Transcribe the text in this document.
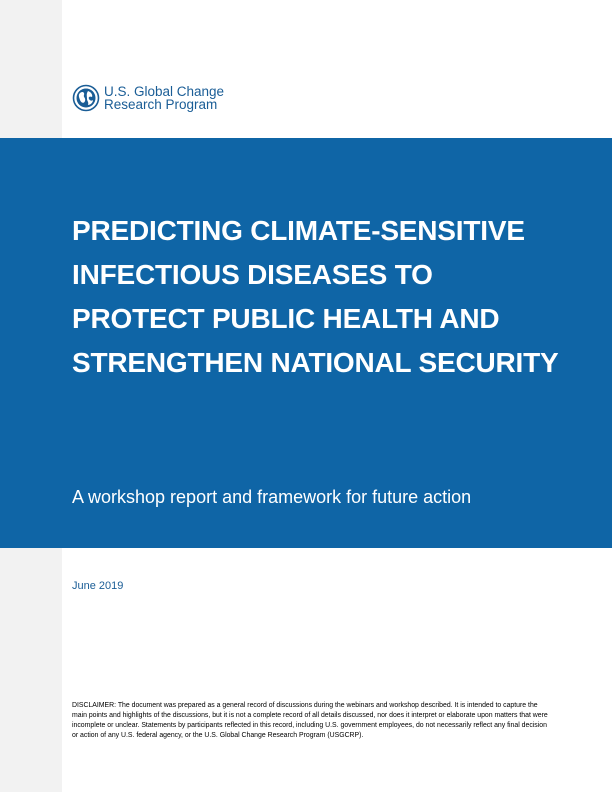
U.S. Global Change
Research Program
PREDICTING CLIMATE-SENSITIVE INFECTIOUS DISEASES TO PROTECT PUBLIC HEALTH AND STRENGTHEN NATIONAL SECURITY

A workshop report and framework for future action

June 2019

DISCLAIMER: The document was prepared as a general record of discussions during the webinars and workshop described. It is intended to capture the main points and highlights of the discussions, but it is not a complete record of all details discussed, nor does it interpret or elaborate upon matters that were incomplete or unclear. Statements by participants reflected in this record, including U.S. government employees, do not necessarily reflect any final decision or action of any U.S. federal agency, or the U.S. Global Change Research Program (USGCRP).
